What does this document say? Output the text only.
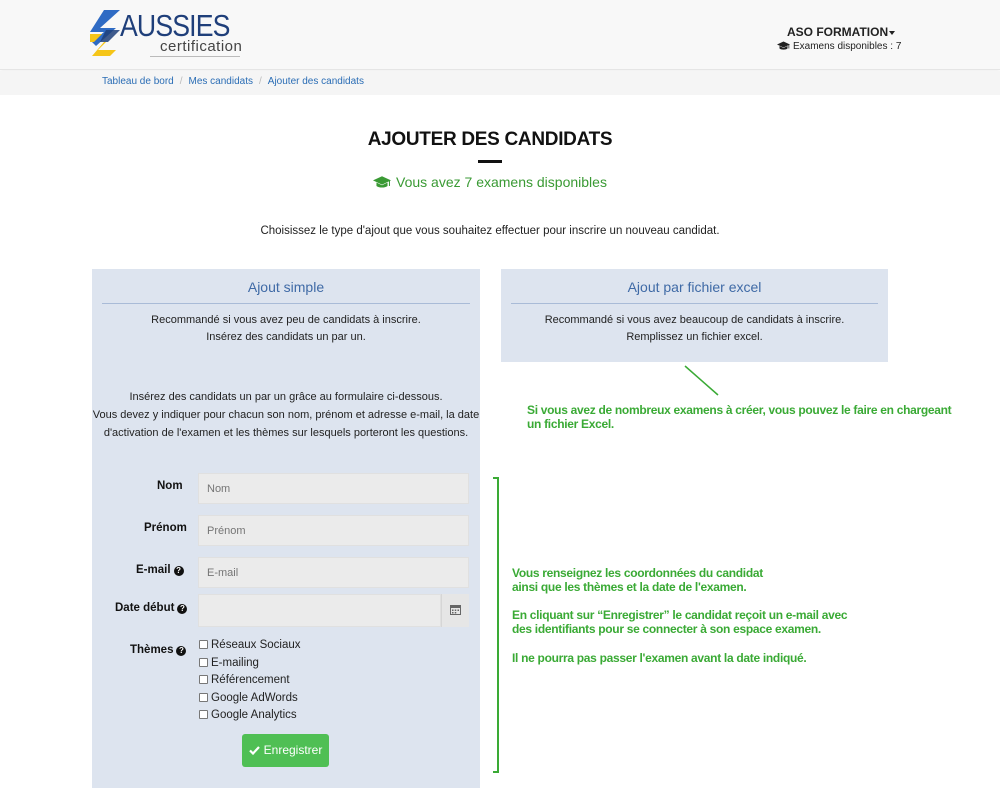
AUSSIES
certification
ASO FORMATION
Examens disponibles : 7
Tableau de bord / Mes candidats / Ajouter des candidats
AJOUTER DES CANDIDATS
Vous avez 7 examens disponibles
Choisissez le type d'ajout que vous souhaitez effectuer pour inscrire un nouveau candidat.
Ajout simple
Recommandé si vous avez peu de candidats à inscrire.
Insérez des candidats un par un.
Insérez des candidats un par un grâce au formulaire ci-dessous.
Vous devez y indiquer pour chacun son nom, prénom et adresse e-mail, la date
d'activation de l'examen et les thèmes sur lesquels porteront les questions.
Ajout par fichier excel
Recommandé si vous avez beaucoup de candidats à inscrire.
Remplissez un fichier excel.
Nom
Nom
Prénom
Prénom
E-mail ?
E-mail
Date début ?
Thèmes ?	Réseaux Sociaux
E-mailing
Référencement
Google AdWords
Google Analytics
Enregistrer
Si vous avez de nombreux examens à créer, vous pouvez le faire en chargeant
un fichier Excel.
Vous renseignez les coordonnées du candidat
ainsi que les thèmes et la date de l'examen.
En cliquant sur “Enregistrer” le candidat reçoit un e-mail avec
des identifiants pour se connecter à son espace examen.
Il ne pourra pas passer l'examen avant la date indiqué.
